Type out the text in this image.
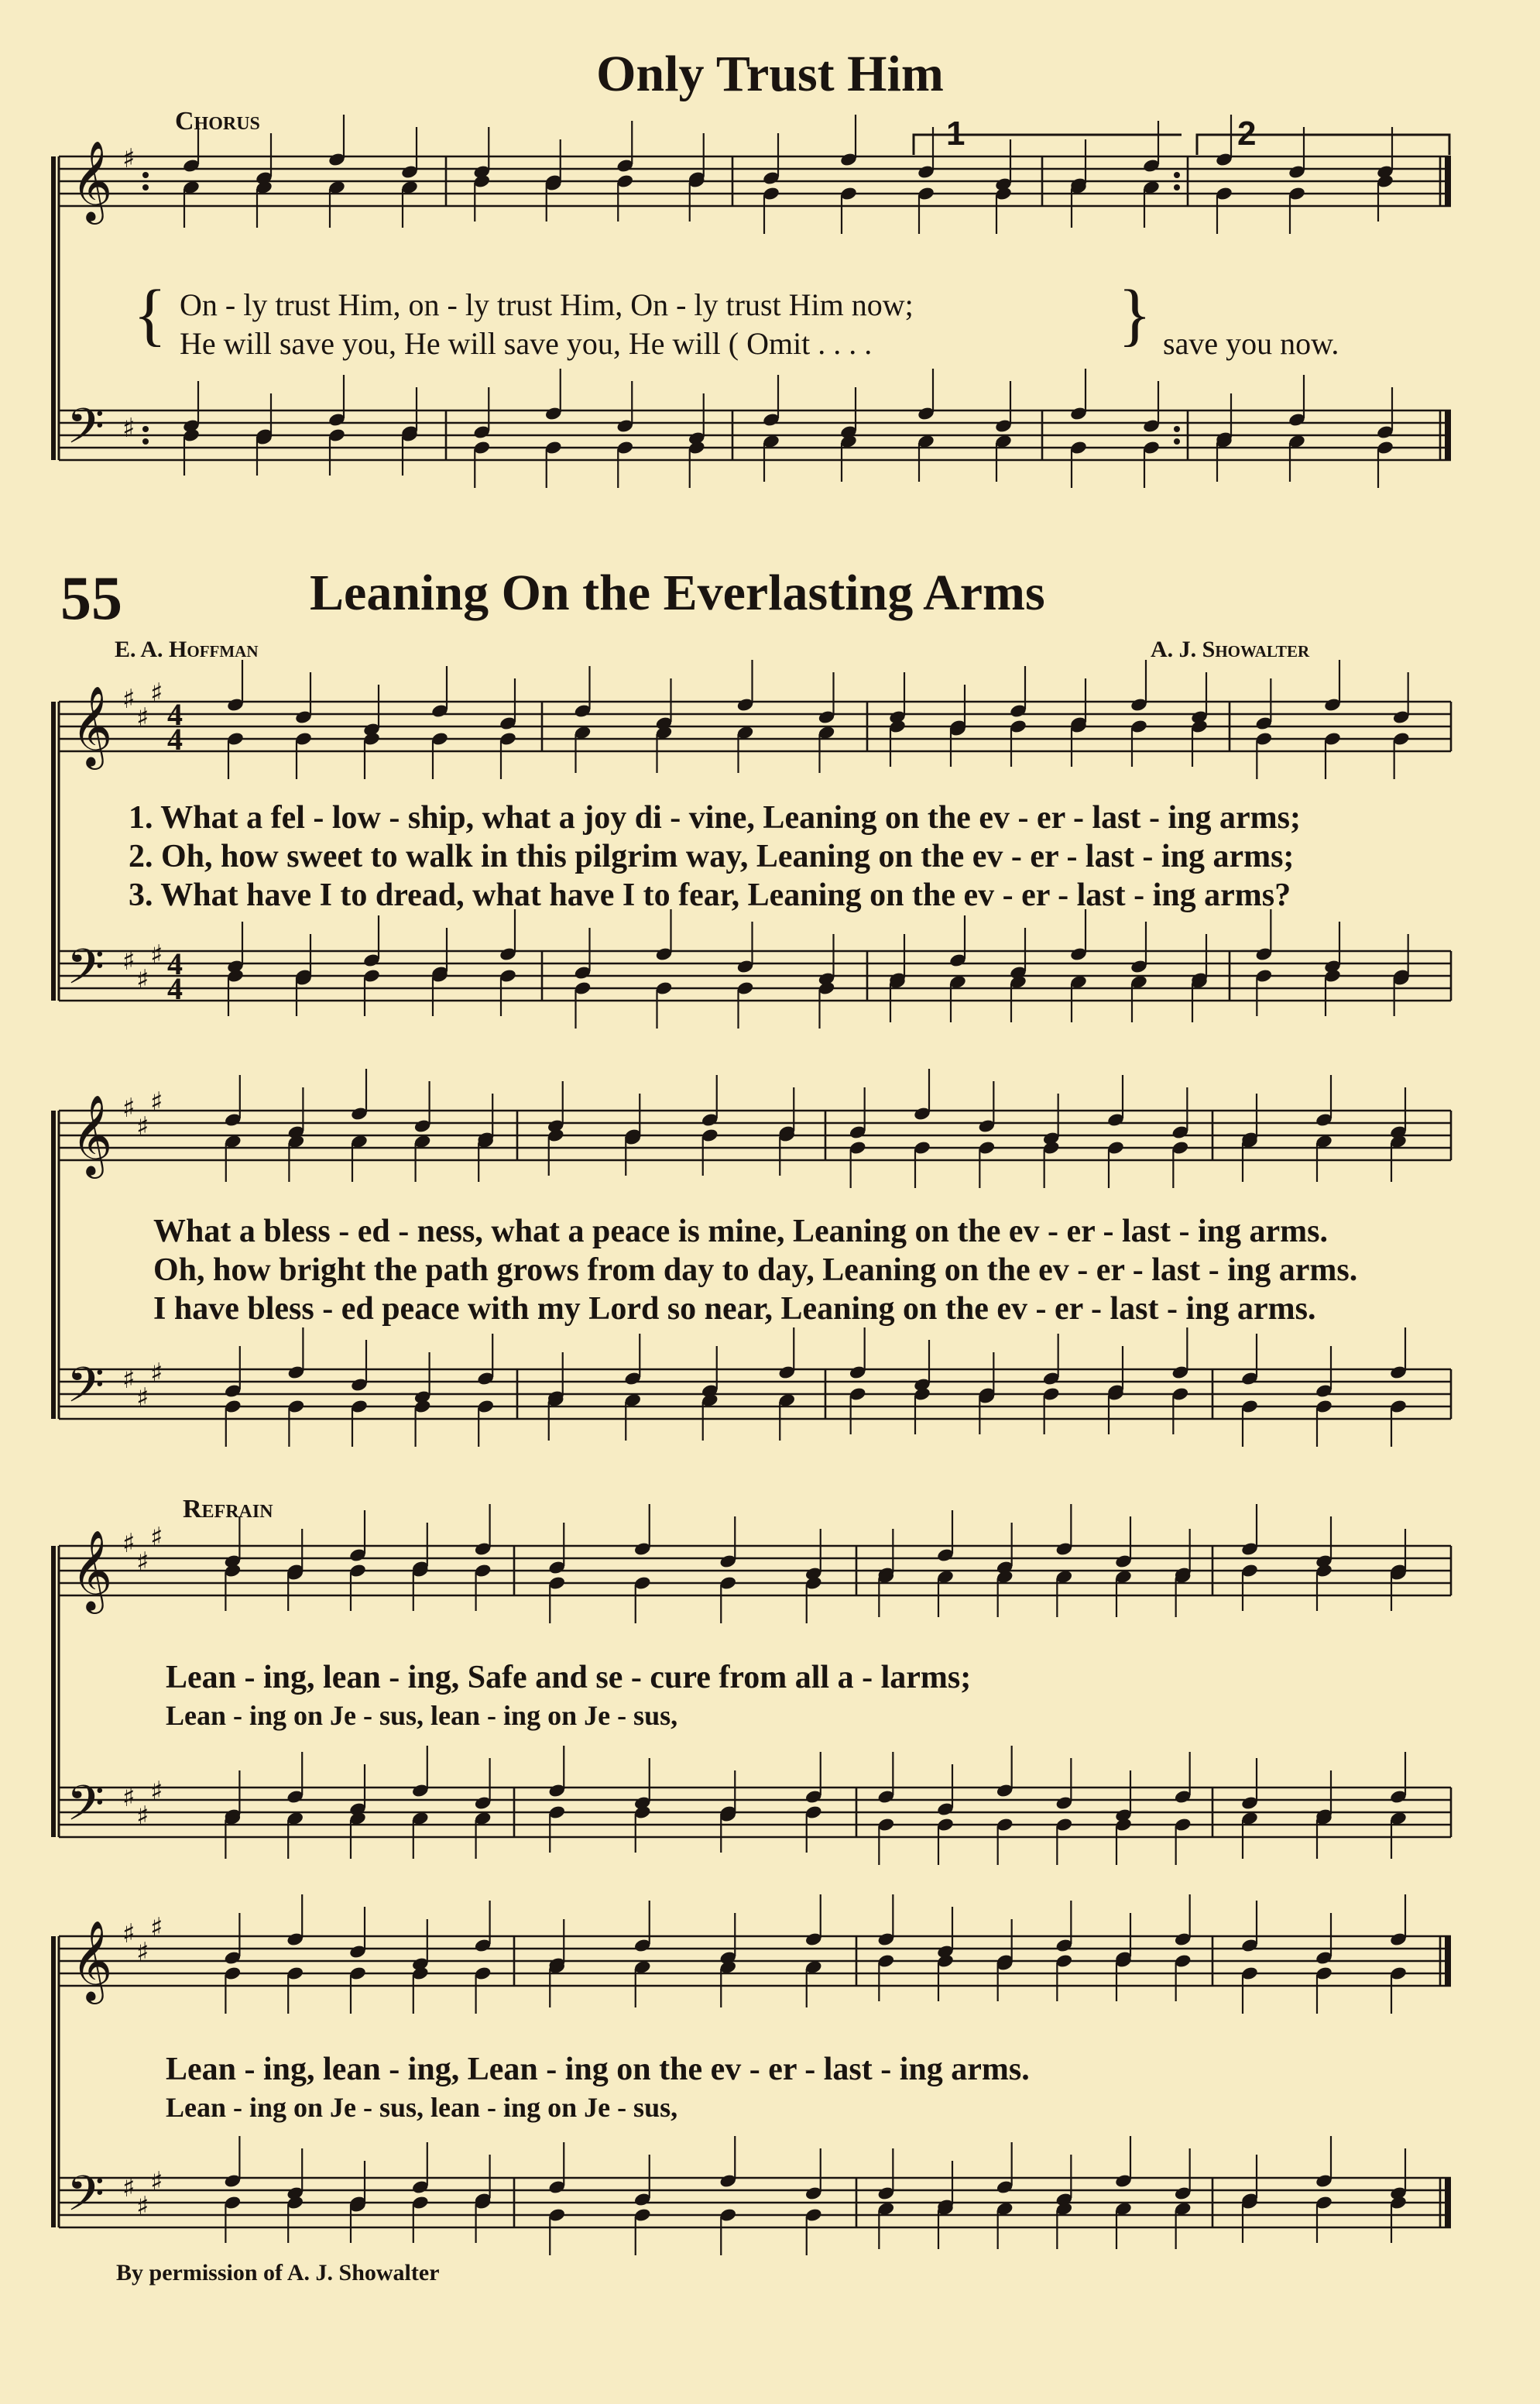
𝄞
𝄢
♯
♯
𝄞
𝄢
♯
♯
♯
♯
♯
♯
4
4
4
4
𝄞
𝄢
♯
♯
♯
♯
♯
♯
𝄞
𝄢
♯
♯
♯
♯
♯
♯
𝄞
𝄢
♯
♯
♯
♯
♯
♯
Only Trust Him
Chorus	1	2
{	}
On - ly trust Him, on - ly trust Him, On - ly trust Him now;
He will save you, He will save you, He will ( Omit . . . .	save you now.
55	Leaning On the Everlasting Arms
E. A. Hoffman	A. J. Showalter
1. What a fel - low - ship, what a joy di - vine, Leaning on the ev - er - last - ing arms;
2. Oh, how sweet to walk in this pilgrim way, Leaning on the ev - er - last - ing arms;
3. What have I to dread, what have I to fear, Leaning on the ev - er - last - ing arms?
What a bless - ed - ness, what a peace is mine, Leaning on the ev - er - last - ing arms.
Oh, how bright the path grows from day to day, Leaning on the ev - er - last - ing arms.
I have bless - ed peace with my Lord so near, Leaning on the ev - er - last - ing arms.
Refrain
Lean - ing, lean - ing, Safe and se - cure from all a - larms;
Lean - ing on Je - sus, lean - ing on Je - sus,
Lean - ing, lean - ing, Lean - ing on the ev - er - last - ing arms.
Lean - ing on Je - sus, lean - ing on Je - sus,
By permission of A. J. Showalter
